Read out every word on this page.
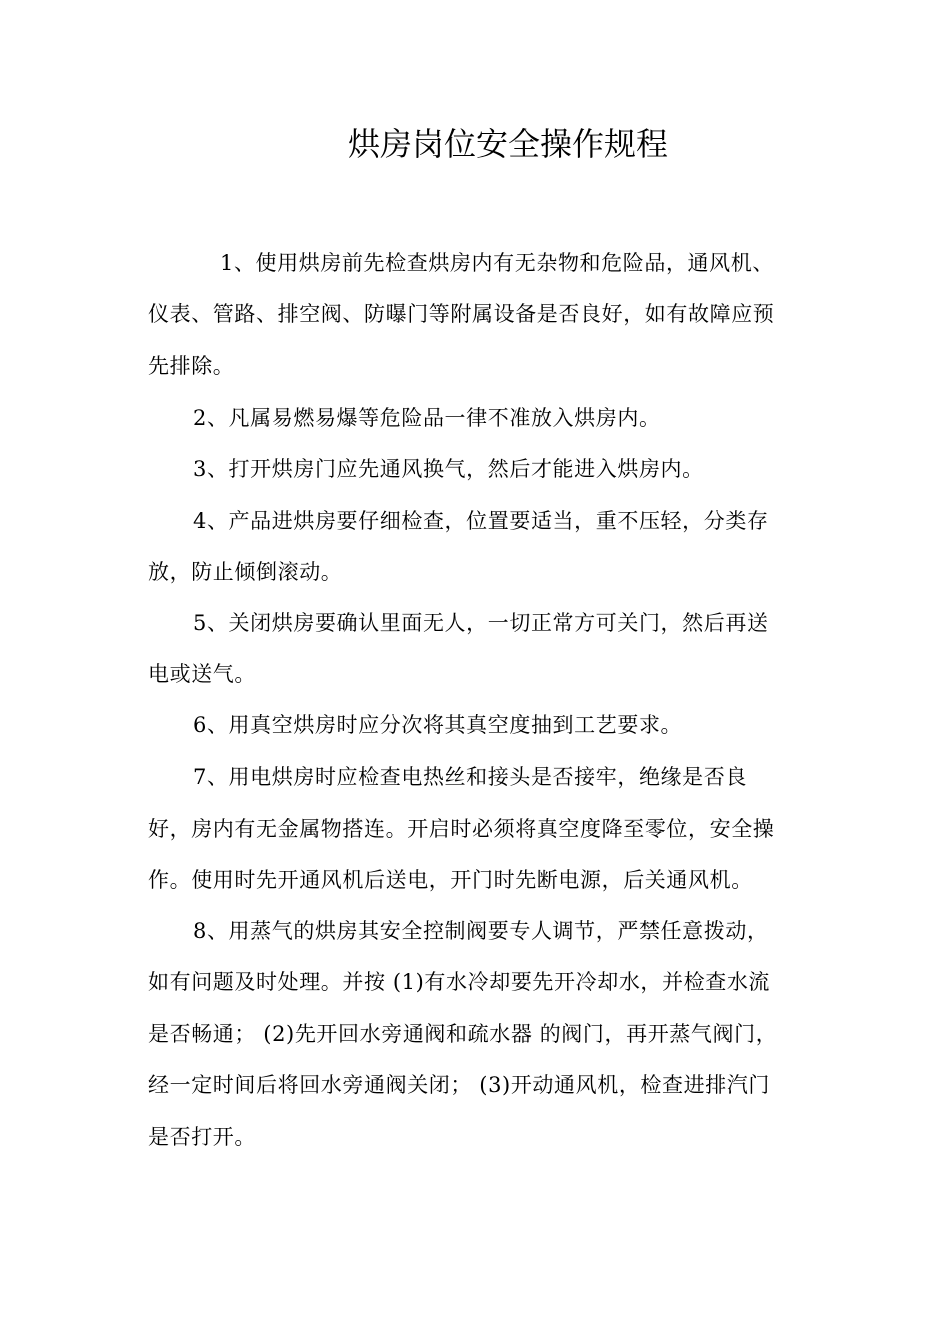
烘房岗位安全操作规程
1、使用烘房前先检查烘房内有无杂物和危险品，通风机、
仪表、管路、排空阀、防曝门等附属设备是否良好，如有故障应预
先排除。
2、凡属易燃易爆等危险品一律不准放入烘房内。
3、打开烘房门应先通风换气，然后才能进入烘房内。
4、产品进烘房要仔细检查，位置要适当，重不压轻，分类存
放，防止倾倒滚动。
5、关闭烘房要确认里面无人，一切正常方可关门，然后再送
电或送气。
6、用真空烘房时应分次将其真空度抽到工艺要求。
7、用电烘房时应检查电热丝和接头是否接牢，绝缘是否良
好，房内有无金属物搭连。开启时必须将真空度降至零位，安全操
作。使用时先开通风机后送电，开门时先断电源，后关通风机。
8、用蒸气的烘房其安全控制阀要专人调节，严禁任意拨动，
如有问题及时处理。并按 (1)有水冷却要先开冷却水，并检查水流
是否畅通； (2)先开回水旁通阀和疏水器 的阀门，再开蒸气阀门，
经一定时间后将回水旁通阀关闭； (3)开动通风机，检查进排汽门
是否打开。
